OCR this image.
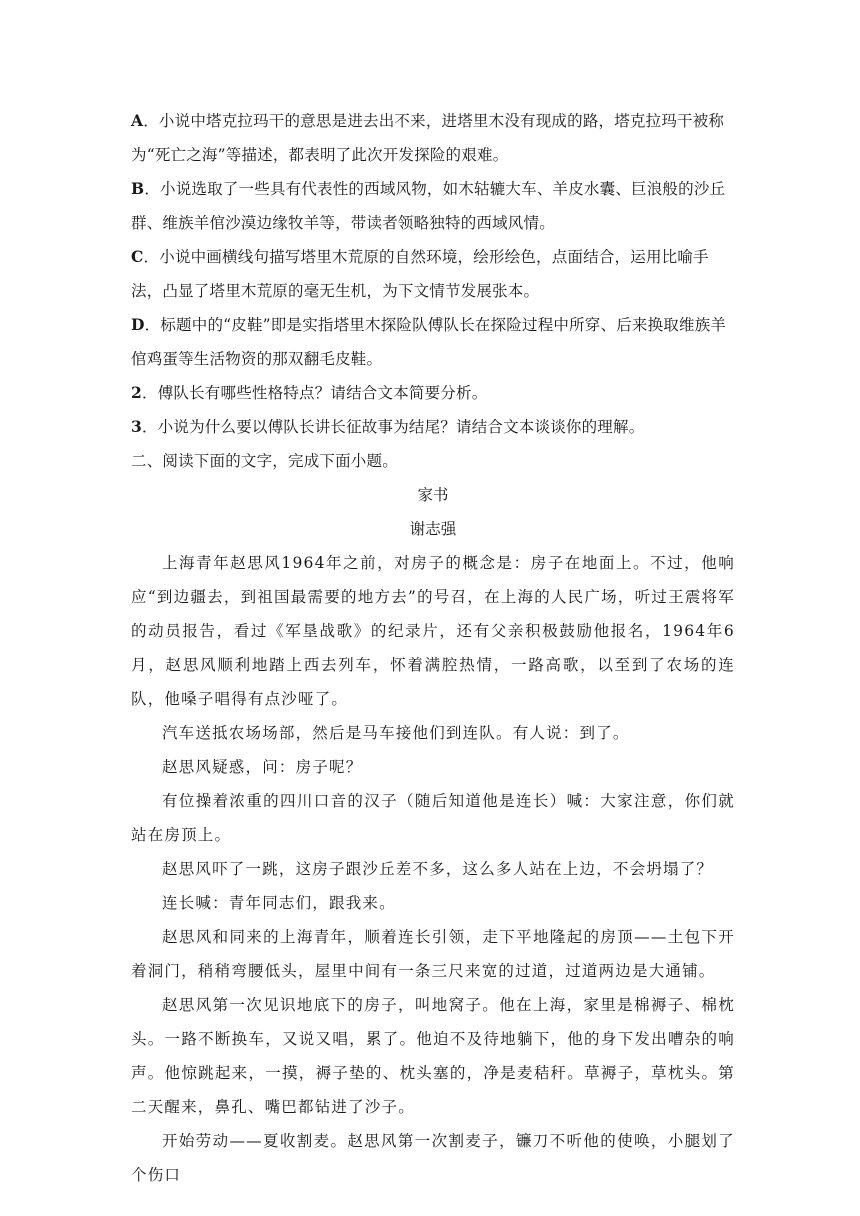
A．小说中塔克拉玛干的意思是进去出不来，进塔里木没有现成的路，塔克拉玛干被称为“死亡之海”等描述，都表明了此次开发探险的艰难。
B．小说选取了一些具有代表性的西域风物，如木轱辘大车、羊皮水囊、巨浪般的沙丘群、维族羊倌沙漠边缘牧羊等，带读者领略独特的西域风情。
C．小说中画横线句描写塔里木荒原的自然环境，绘形绘色，点面结合，运用比喻手法，凸显了塔里木荒原的毫无生机，为下文情节发展张本。
D．标题中的“皮鞋”即是实指塔里木探险队傅队长在探险过程中所穿、后来换取维族羊倌鸡蛋等生活物资的那双翻毛皮鞋。
2．傅队长有哪些性格特点？请结合文本简要分析。
3．小说为什么要以傅队长讲长征故事为结尾？请结合文本谈谈你的理解。
二、阅读下面的文字，完成下面小题。
家书
谢志强

上海青年赵思风1964年之前，对房子的概念是：房子在地面上。不过，他响应“到边疆去，到祖国最需要的地方去”的号召，在上海的人民广场，听过王震将军的动员报告，看过《军垦战歌》的纪录片，还有父亲积极鼓励他报名，1964年6月，赵思风顺利地踏上西去列车，怀着满腔热情，一路高歌，以至到了农场的连队，他嗓子唱得有点沙哑了。

汽车送抵农场场部，然后是马车接他们到连队。有人说：到了。

赵思风疑惑，问：房子呢？

有位操着浓重的四川口音的汉子（随后知道他是连长）喊：大家注意，你们就站在房顶上。

赵思风吓了一跳，这房子跟沙丘差不多，这么多人站在上边，不会坍塌了？

连长喊：青年同志们，跟我来。

赵思风和同来的上海青年，顺着连长引领，走下平地隆起的房顶——土包下开着洞门，稍稍弯腰低头，屋里中间有一条三尺来宽的过道，过道两边是大通铺。

赵思风第一次见识地底下的房子，叫地窝子。他在上海，家里是棉褥子、棉枕头。一路不断换车，又说又唱，累了。他迫不及待地躺下，他的身下发出嘈杂的响声。他惊跳起来，一摸，褥子垫的、枕头塞的，净是麦秸秆。草褥子，草枕头。第二天醒来，鼻孔、嘴巴都钻进了沙子。

开始劳动——夏收割麦。赵思风第一次割麦子，镰刀不听他的使唤，小腿划了个伤口
